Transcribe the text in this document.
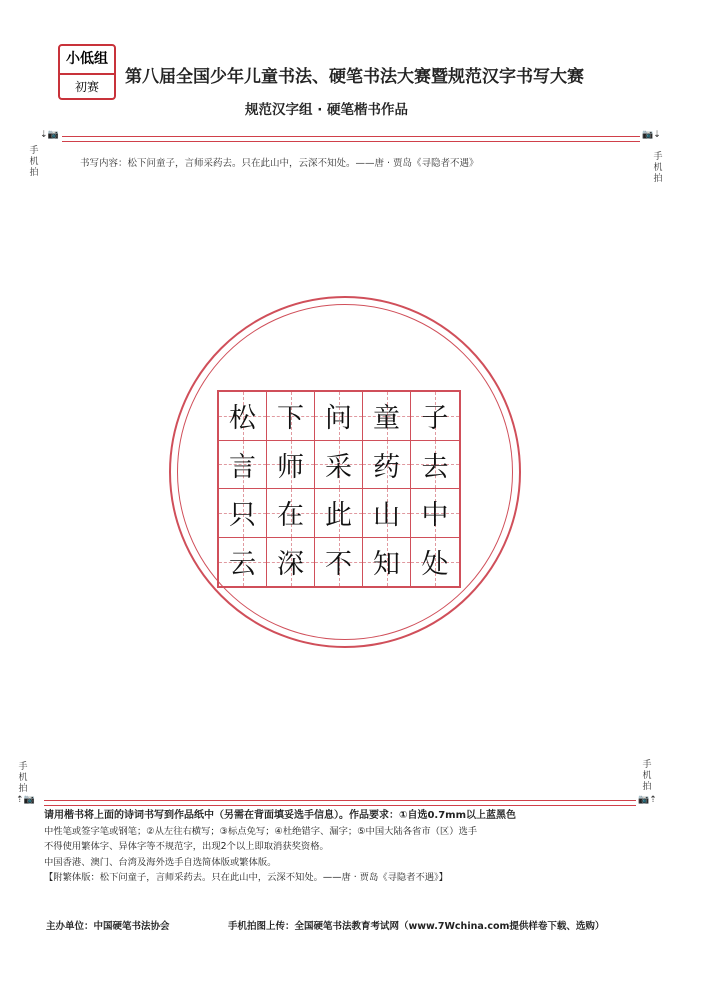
小低组
初赛	第八届全国少年儿童书法、硬笔书法大赛暨规范汉字书写大赛
规范汉字组 · 硬笔楷书作品
⇣📷	📷⇣
手
机
拍
手
机
拍
书写内容：松下问童子，言师采药去。只在此山中，云深不知处。——唐 · 贾岛《寻隐者不遇》
松 下 问 童 子
言 师 采 药 去
只 在 此 山 中
云 深 不 知 处
手
机
拍
手
机
拍
⇡📷	📷⇡

请用楷书将上面的诗词书写到作品纸中（另需在背面填妥选手信息）。作品要求：①自选0.7mm以上蓝黑色

中性笔或签字笔或钢笔；②从左往右横写；③标点免写；④杜绝错字、漏字；⑤中国大陆各省市（区）选手

不得使用繁体字、异体字等不规范字，出现2个以上即取消获奖资格。

中国香港、澳门、台湾及海外选手自选简体版或繁体版。

【附繁体版：松下问童子，言师采药去。只在此山中，云深不知处。——唐 · 贾岛《寻隐者不遇》】

主办单位：中国硬笔书法协会	手机拍图上传：全国硬笔书法教育考试网（www.7Wchina.com提供样卷下载、选购）
